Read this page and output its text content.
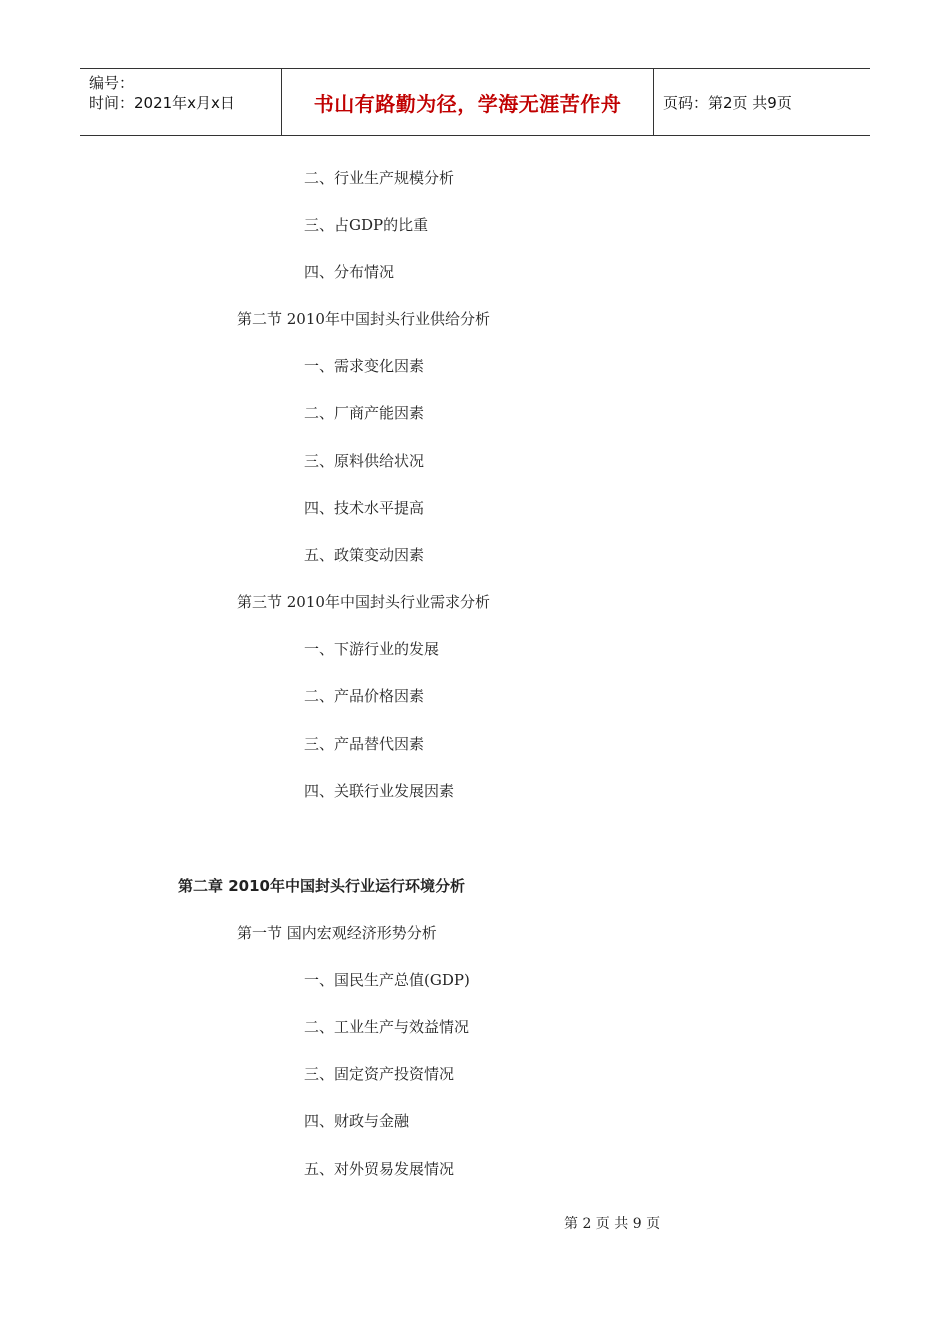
编号：
时间：2021年x月x日	书山有路勤为径，学海无涯苦作舟	页码：第2页 共9页
二、行业生产规模分析
三、占GDP的比重
四、分布情况
第二节 2010年中国封头行业供给分析
一、需求变化因素
二、厂商产能因素
三、原料供给状况
四、技术水平提高
五、政策变动因素
第三节 2010年中国封头行业需求分析
一、下游行业的发展
二、产品价格因素
三、产品替代因素
四、关联行业发展因素
第二章 2010年中国封头行业运行环境分析
第一节 国内宏观经济形势分析
一、国民生产总值(GDP)
二、工业生产与效益情况
三、固定资产投资情况
四、财政与金融
五、对外贸易发展情况
第 2 页 共 9 页
